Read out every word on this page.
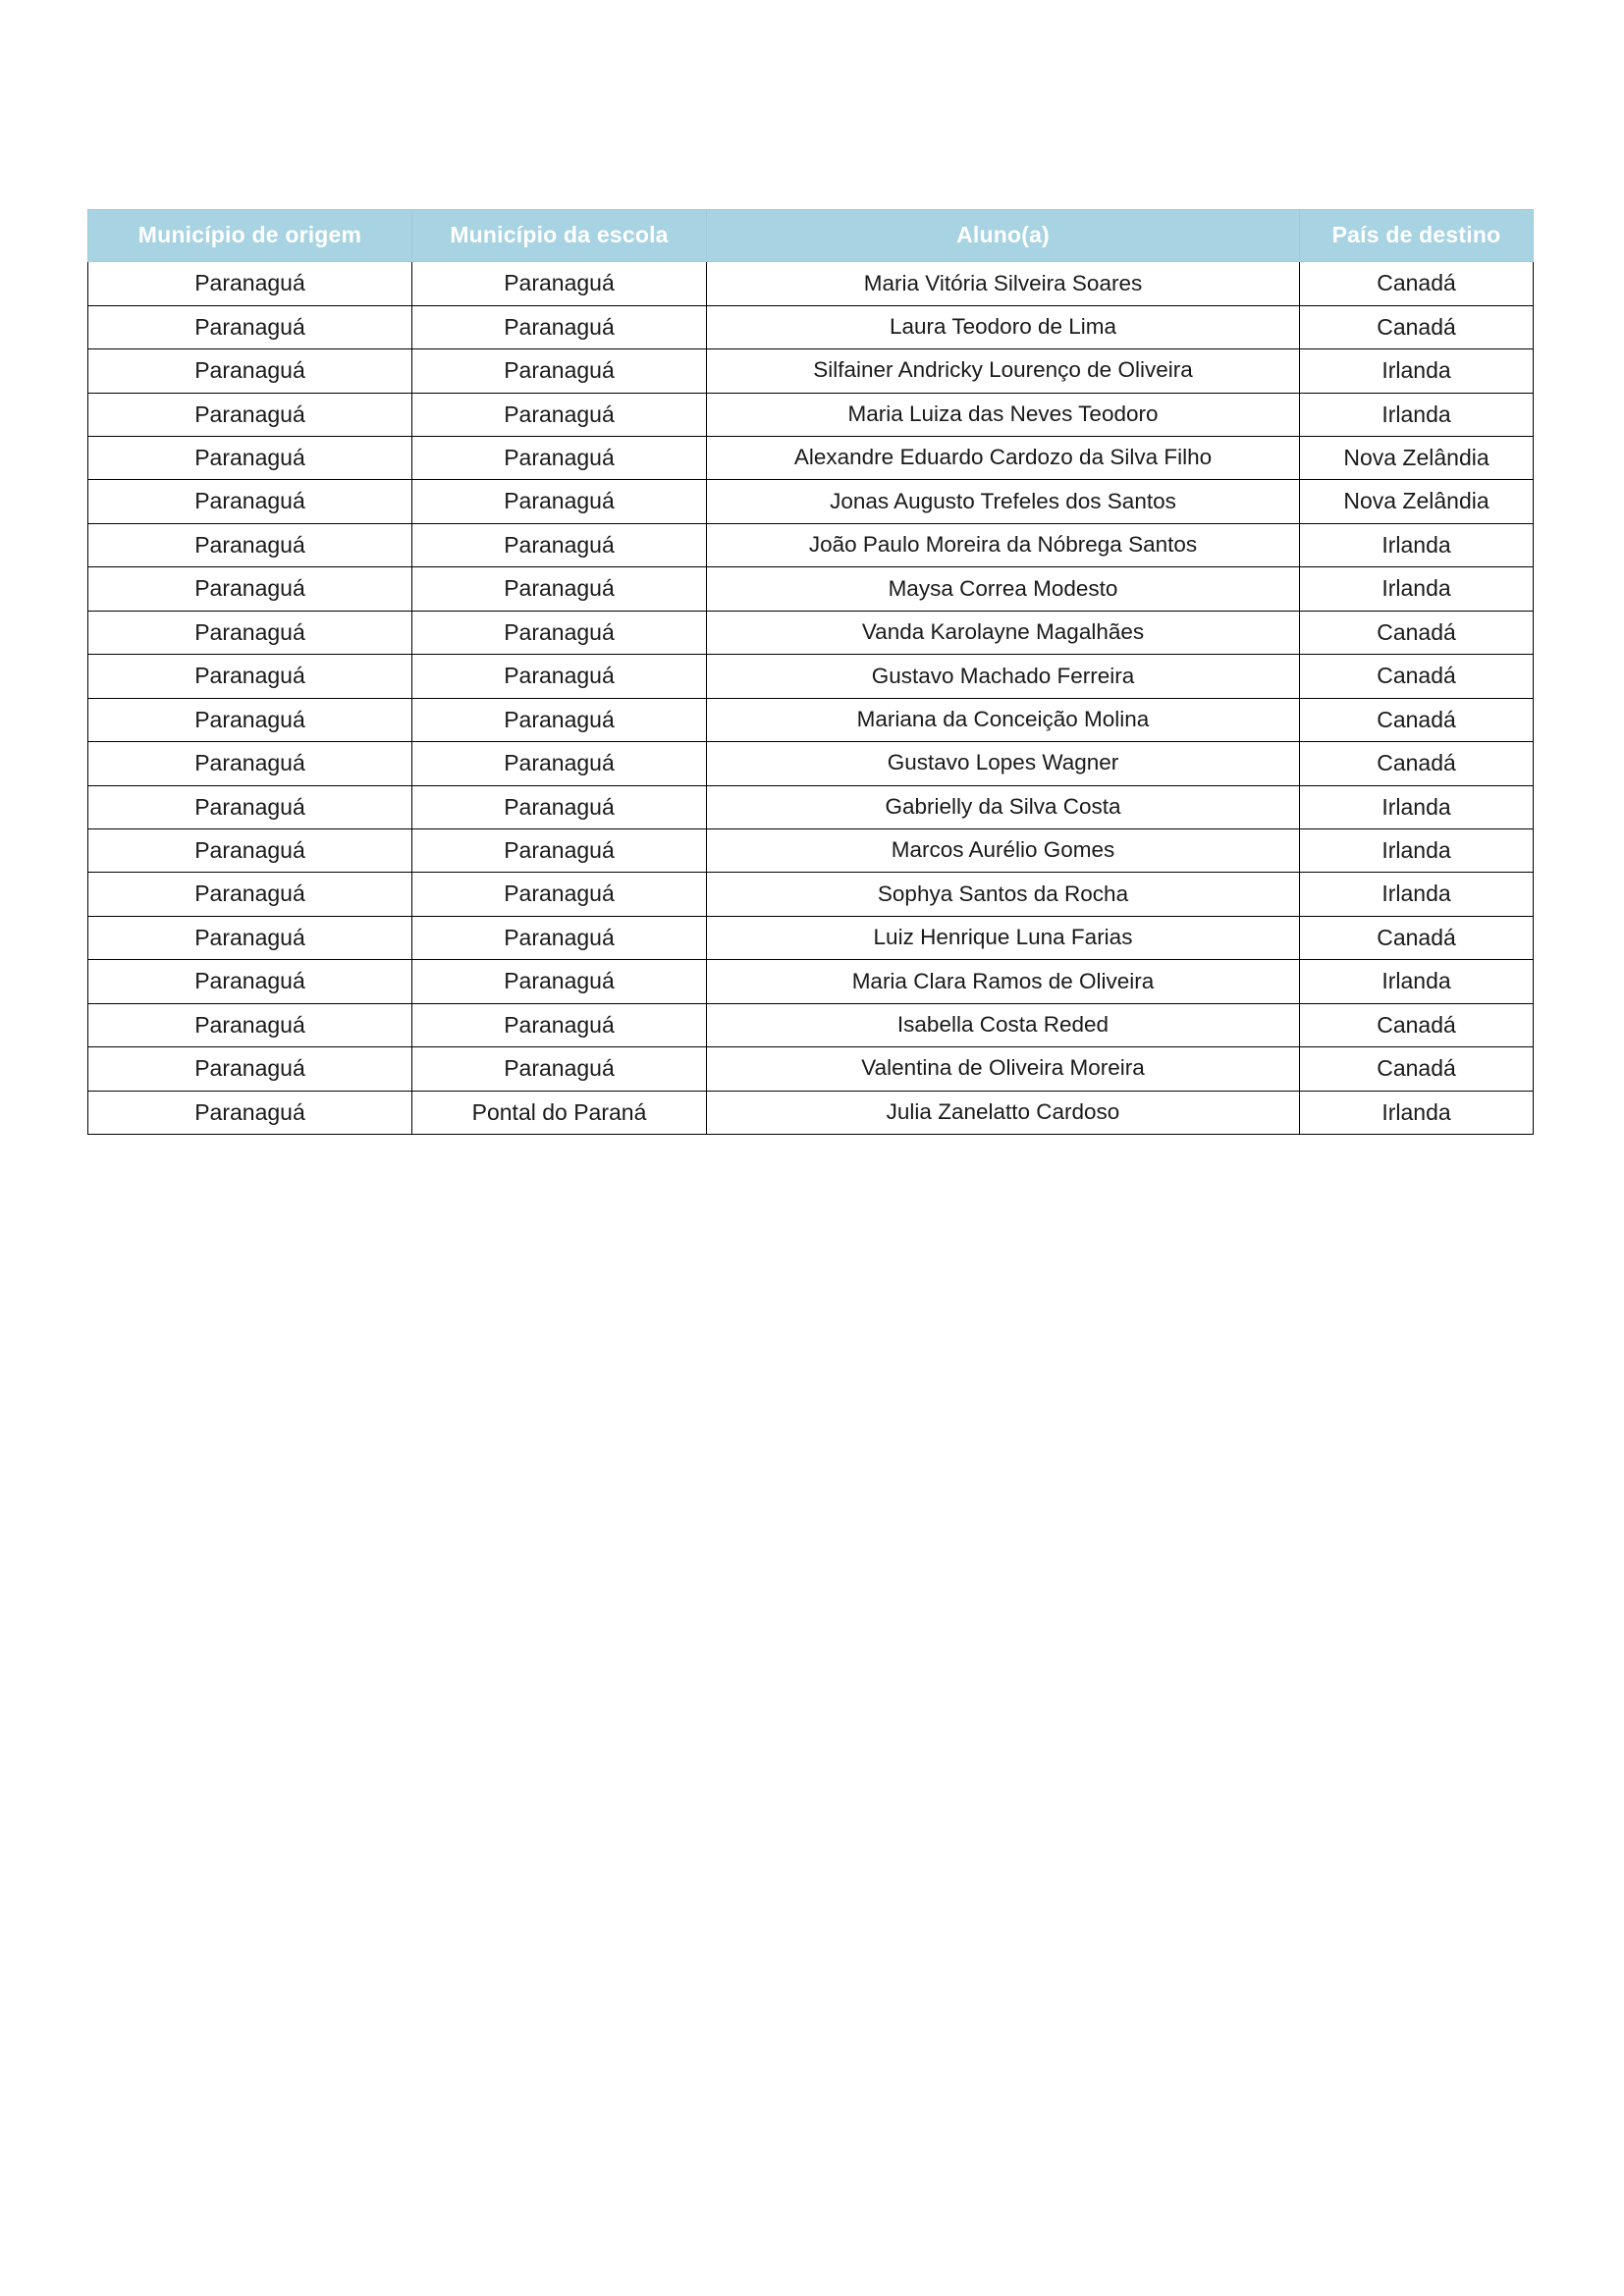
Município de origem	Município da escola	Aluno(a)	País de destino
Paranaguá	Paranaguá	Maria Vitória Silveira Soares	Canadá
Paranaguá	Paranaguá	Laura Teodoro de Lima	Canadá
Paranaguá	Paranaguá	Silfainer Andricky Lourenço de Oliveira	Irlanda
Paranaguá	Paranaguá	Maria Luiza das Neves Teodoro	Irlanda
Paranaguá	Paranaguá	Alexandre Eduardo Cardozo da Silva Filho	Nova Zelândia
Paranaguá	Paranaguá	Jonas Augusto Trefeles dos Santos	Nova Zelândia
Paranaguá	Paranaguá	João Paulo Moreira da Nóbrega Santos	Irlanda
Paranaguá	Paranaguá	Maysa Correa Modesto	Irlanda
Paranaguá	Paranaguá	Vanda Karolayne Magalhães	Canadá
Paranaguá	Paranaguá	Gustavo Machado Ferreira	Canadá
Paranaguá	Paranaguá	Mariana da Conceição Molina	Canadá
Paranaguá	Paranaguá	Gustavo Lopes Wagner	Canadá
Paranaguá	Paranaguá	Gabrielly da Silva Costa	Irlanda
Paranaguá	Paranaguá	Marcos Aurélio Gomes	Irlanda
Paranaguá	Paranaguá	Sophya Santos da Rocha	Irlanda
Paranaguá	Paranaguá	Luiz Henrique Luna Farias	Canadá
Paranaguá	Paranaguá	Maria Clara Ramos de Oliveira	Irlanda
Paranaguá	Paranaguá	Isabella Costa Reded	Canadá
Paranaguá	Paranaguá	Valentina de Oliveira Moreira	Canadá
Paranaguá	Pontal do Paraná	Julia Zanelatto Cardoso	Irlanda
